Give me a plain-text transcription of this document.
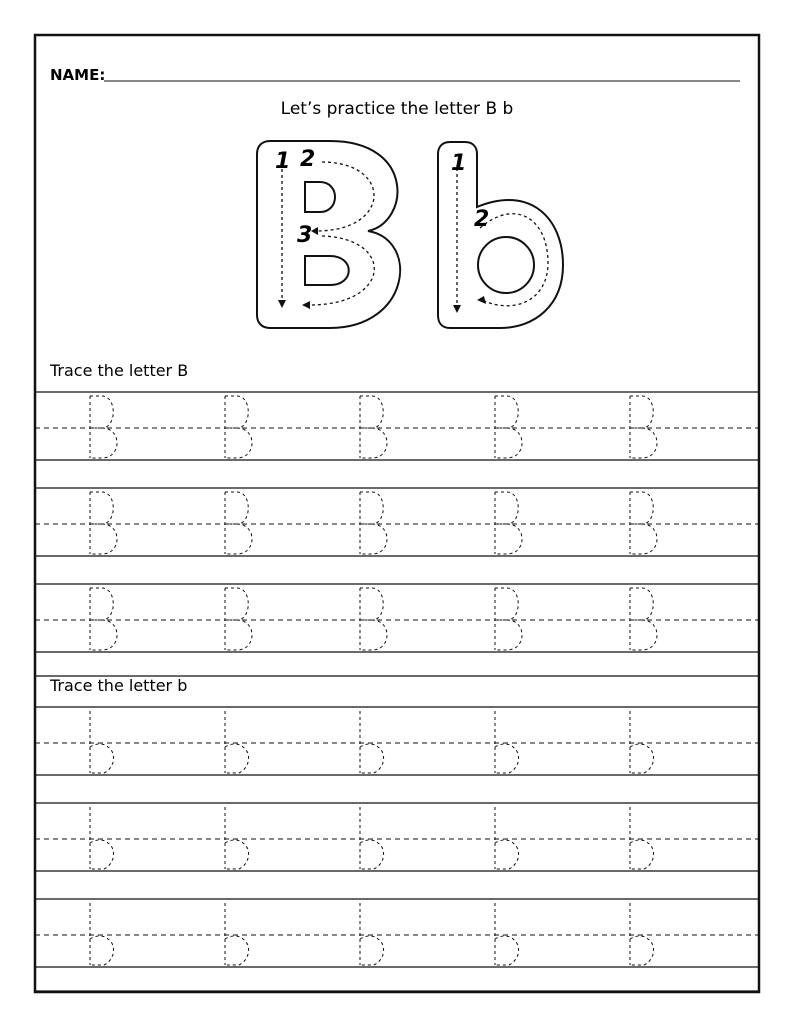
NAME:
Let’s practice the letter B b
1 2
3
1
2
Trace the letter B
Trace the letter b
